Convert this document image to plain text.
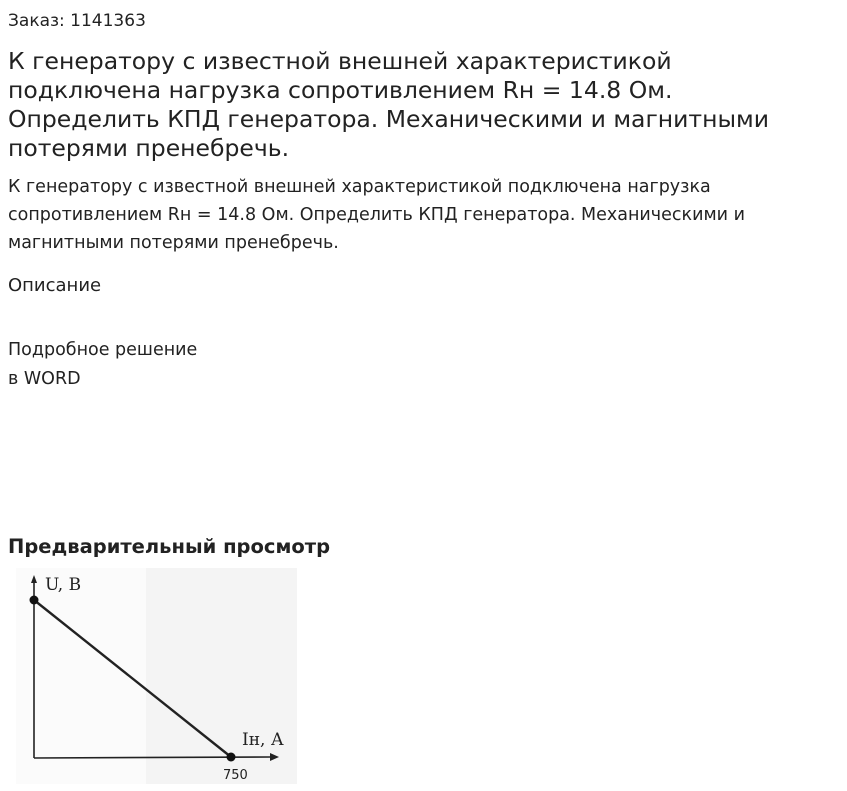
Заказ: 1141363
К генератору с известной внешней характеристикой подключена нагрузка сопротивлением Rн = 14.8 Ом. Определить КПД генератора. Механическими и магнитными потерями пренебречь.

К генератору с известной внешней характеристикой подключена нагрузка сопротивлением Rн = 14.8 Ом. Определить КПД генератора. Механическими и магнитными потерями пренебречь.

Описание
Подробное решение
в WORD
Предварительный просмотр
U, В
Iн, А
750
